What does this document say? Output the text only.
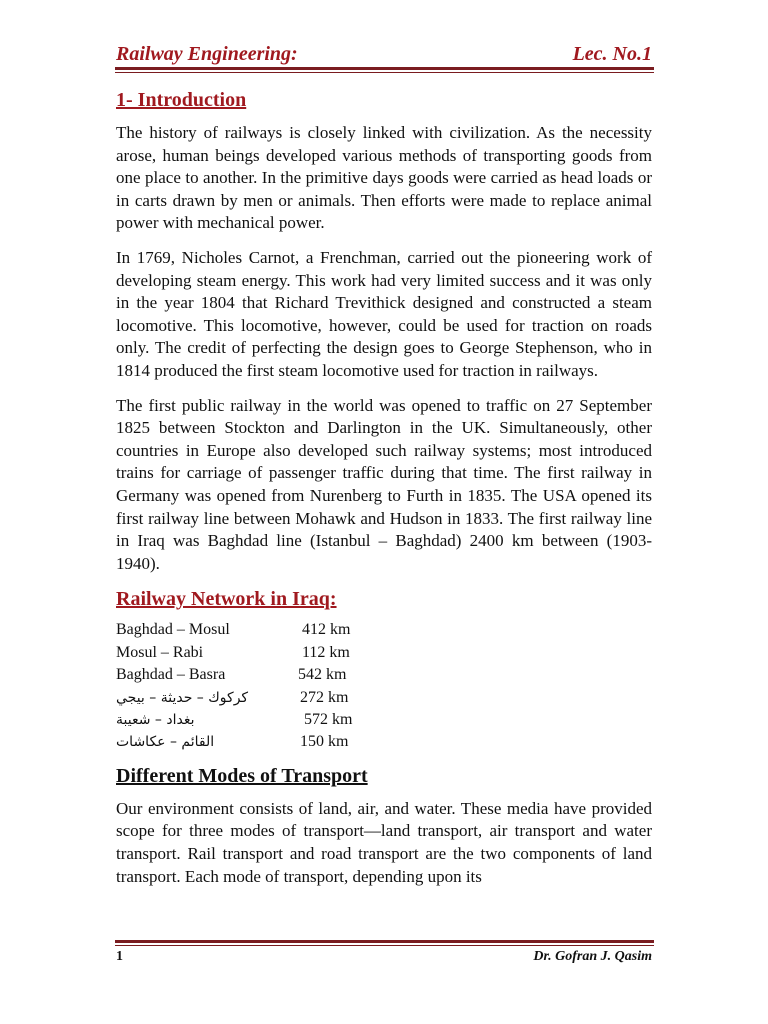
Railway Engineering:	Lec. No.1
1- Introduction

The history of railways is closely linked with civilization. As the necessity arose, human beings developed various methods of transporting goods from one place to another. In the primitive days goods were carried as head loads or in carts drawn by men or animals. Then efforts were made to replace animal power with mechanical power.

In 1769, Nicholes Carnot, a Frenchman, carried out the pioneering work of developing steam energy. This work had very limited success and it was only in the year 1804 that Richard Trevithick designed and constructed a steam locomotive. This locomotive, however, could be used for traction on roads only. The credit of perfecting the design goes to George Stephenson, who in 1814 produced the first steam locomotive used for traction in railways.

The first public railway in the world was opened to traffic on 27 September 1825 between Stockton and Darlington in the UK. Simultaneously, other countries in Europe also developed such railway systems; most introduced trains for carriage of passenger traffic during that time. The first railway in Germany was opened from Nurenberg to Furth in 1835. The USA opened its first railway line between Mohawk and Hudson in 1833. The first railway line in Iraq was Baghdad line (Istanbul – Baghdad) 2400 km between (1903-1940).

Railway Network in Iraq:
Baghdad – Mosul	412 km
Mosul – Rabi	112 km
Baghdad – Basra	542 km
كركوك – حديثة – بيجي	272 km
بغداد – شعيبة	572 km
القائم – عكاشات	150 km
Different Modes of Transport

Our environment consists of land, air, and water. These media have provided scope for three modes of transport—land transport, air transport and water transport. Rail transport and road transport are the two components of land transport. Each mode of transport, depending upon its

1	Dr. Gofran J. Qasim
